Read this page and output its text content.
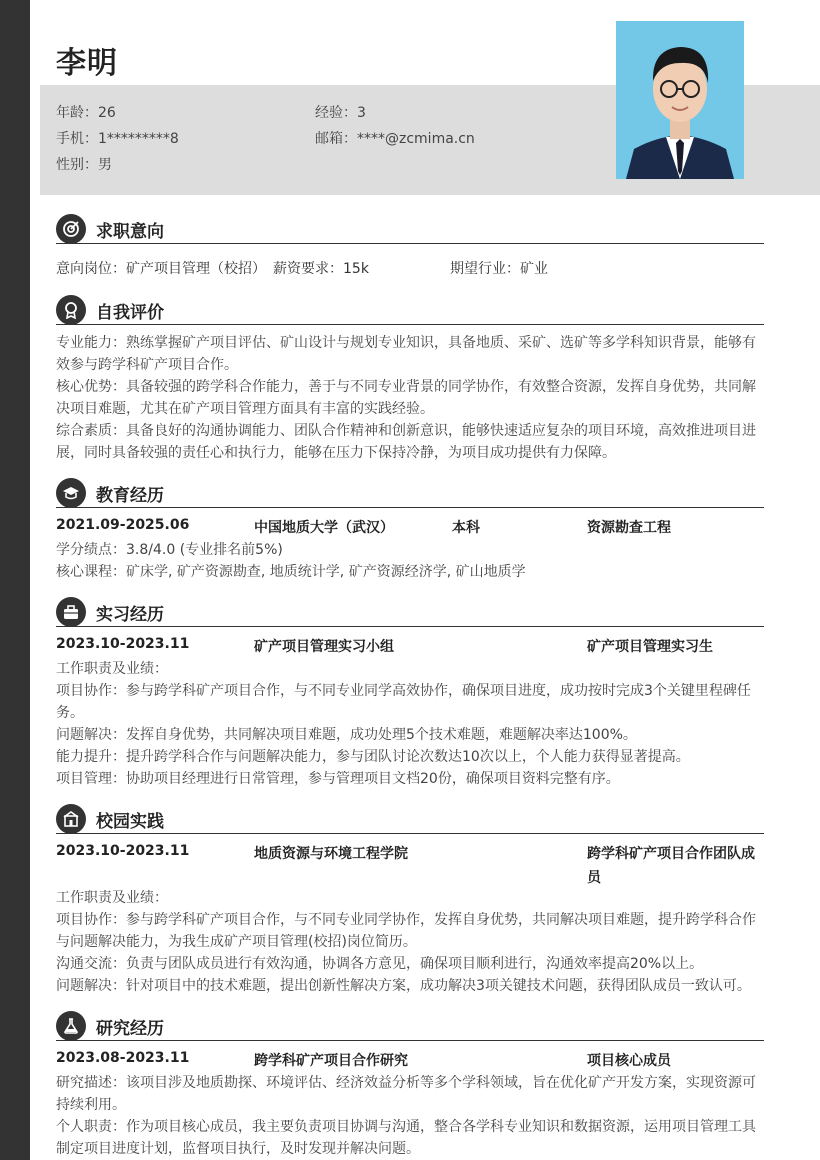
李明
年龄：26	经验：3
手机：1*********8	邮箱：****@zcmima.cn
性别：男
求职意向
意向岗位：矿产项目管理（校招） 薪资要求：15k	期望行业：矿业
自我评价
专业能力：熟练掌握矿产项目评估、矿山设计与规划专业知识，具备地质、采矿、选矿等多学科知识背景，能够有
效参与跨学科矿产项目合作。
核心优势：具备较强的跨学科合作能力，善于与不同专业背景的同学协作，有效整合资源，发挥自身优势，共同解
决项目难题，尤其在矿产项目管理方面具有丰富的实践经验。
综合素质：具备良好的沟通协调能力、团队合作精神和创新意识，能够快速适应复杂的项目环境，高效推进项目进
展，同时具备较强的责任心和执行力，能够在压力下保持冷静，为项目成功提供有力保障。
教育经历
2021.09-2025.06	中国地质大学（武汉）	本科	资源勘查工程
学分绩点：3.8/4.0 (专业排名前5%)
核心课程：矿床学, 矿产资源勘查, 地质统计学, 矿产资源经济学, 矿山地质学
实习经历
2023.10-2023.11	矿产项目管理实习小组	矿产项目管理实习生
工作职责及业绩：
项目协作：参与跨学科矿产项目合作，与不同专业同学高效协作，确保项目进度，成功按时完成3个关键里程碑任
务。
问题解决：发挥自身优势，共同解决项目难题，成功处理5个技术难题，难题解决率达100%。
能力提升：提升跨学科合作与问题解决能力，参与团队讨论次数达10次以上，个人能力获得显著提高。
项目管理：协助项目经理进行日常管理，参与管理项目文档20份，确保项目资料完整有序。
校园实践
2023.10-2023.11	地质资源与环境工程学院	跨学科矿产项目合作团队成
员
工作职责及业绩：
项目协作：参与跨学科矿产项目合作，与不同专业同学协作，发挥自身优势，共同解决项目难题，提升跨学科合作
与问题解决能力，为我生成矿产项目管理(校招)岗位简历。
沟通交流：负责与团队成员进行有效沟通，协调各方意见，确保项目顺利进行，沟通效率提高20%以上。
问题解决：针对项目中的技术难题，提出创新性解决方案，成功解决3项关键技术问题，获得团队成员一致认可。
研究经历
2023.08-2023.11	跨学科矿产项目合作研究	项目核心成员
研究描述：该项目涉及地质勘探、环境评估、经济效益分析等多个学科领域，旨在优化矿产开发方案，实现资源可
持续利用。
个人职责：作为项目核心成员，我主要负责项目协调与沟通，整合各学科专业知识和数据资源，运用项目管理工具
制定项目进度计划，监督项目执行，及时发现并解决问题。
